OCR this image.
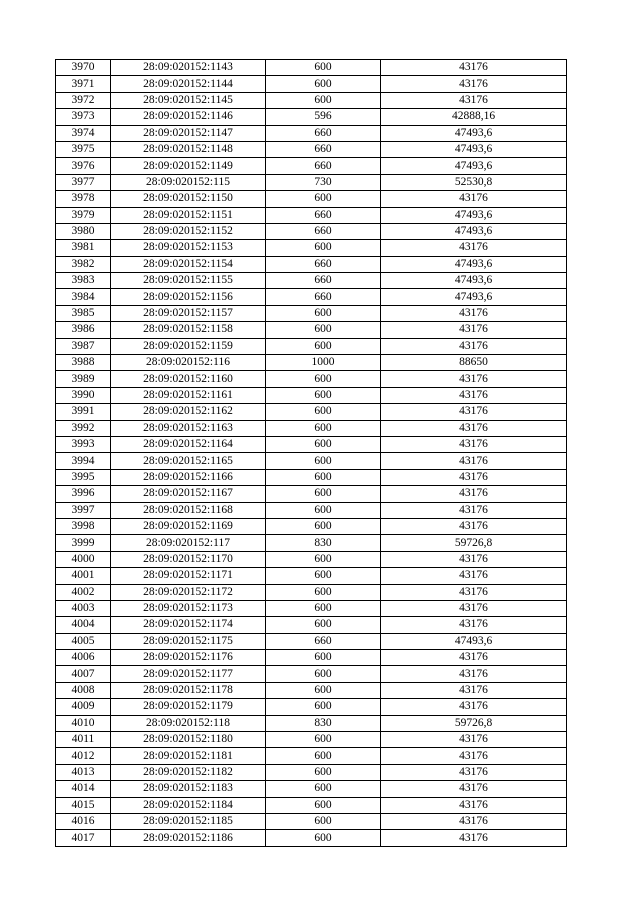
3970	28:09:020152:1143	600	43176
3971	28:09:020152:1144	600	43176
3972	28:09:020152:1145	600	43176
3973	28:09:020152:1146	596	42888,16
3974	28:09:020152:1147	660	47493,6
3975	28:09:020152:1148	660	47493,6
3976	28:09:020152:1149	660	47493,6
3977	28:09:020152:115	730	52530,8
3978	28:09:020152:1150	600	43176
3979	28:09:020152:1151	660	47493,6
3980	28:09:020152:1152	660	47493,6
3981	28:09:020152:1153	600	43176
3982	28:09:020152:1154	660	47493,6
3983	28:09:020152:1155	660	47493,6
3984	28:09:020152:1156	660	47493,6
3985	28:09:020152:1157	600	43176
3986	28:09:020152:1158	600	43176
3987	28:09:020152:1159	600	43176
3988	28:09:020152:116	1000	88650
3989	28:09:020152:1160	600	43176
3990	28:09:020152:1161	600	43176
3991	28:09:020152:1162	600	43176
3992	28:09:020152:1163	600	43176
3993	28:09:020152:1164	600	43176
3994	28:09:020152:1165	600	43176
3995	28:09:020152:1166	600	43176
3996	28:09:020152:1167	600	43176
3997	28:09:020152:1168	600	43176
3998	28:09:020152:1169	600	43176
3999	28:09:020152:117	830	59726,8
4000	28:09:020152:1170	600	43176
4001	28:09:020152:1171	600	43176
4002	28:09:020152:1172	600	43176
4003	28:09:020152:1173	600	43176
4004	28:09:020152:1174	600	43176
4005	28:09:020152:1175	660	47493,6
4006	28:09:020152:1176	600	43176
4007	28:09:020152:1177	600	43176
4008	28:09:020152:1178	600	43176
4009	28:09:020152:1179	600	43176
4010	28:09:020152:118	830	59726,8
4011	28:09:020152:1180	600	43176
4012	28:09:020152:1181	600	43176
4013	28:09:020152:1182	600	43176
4014	28:09:020152:1183	600	43176
4015	28:09:020152:1184	600	43176
4016	28:09:020152:1185	600	43176
4017	28:09:020152:1186	600	43176
